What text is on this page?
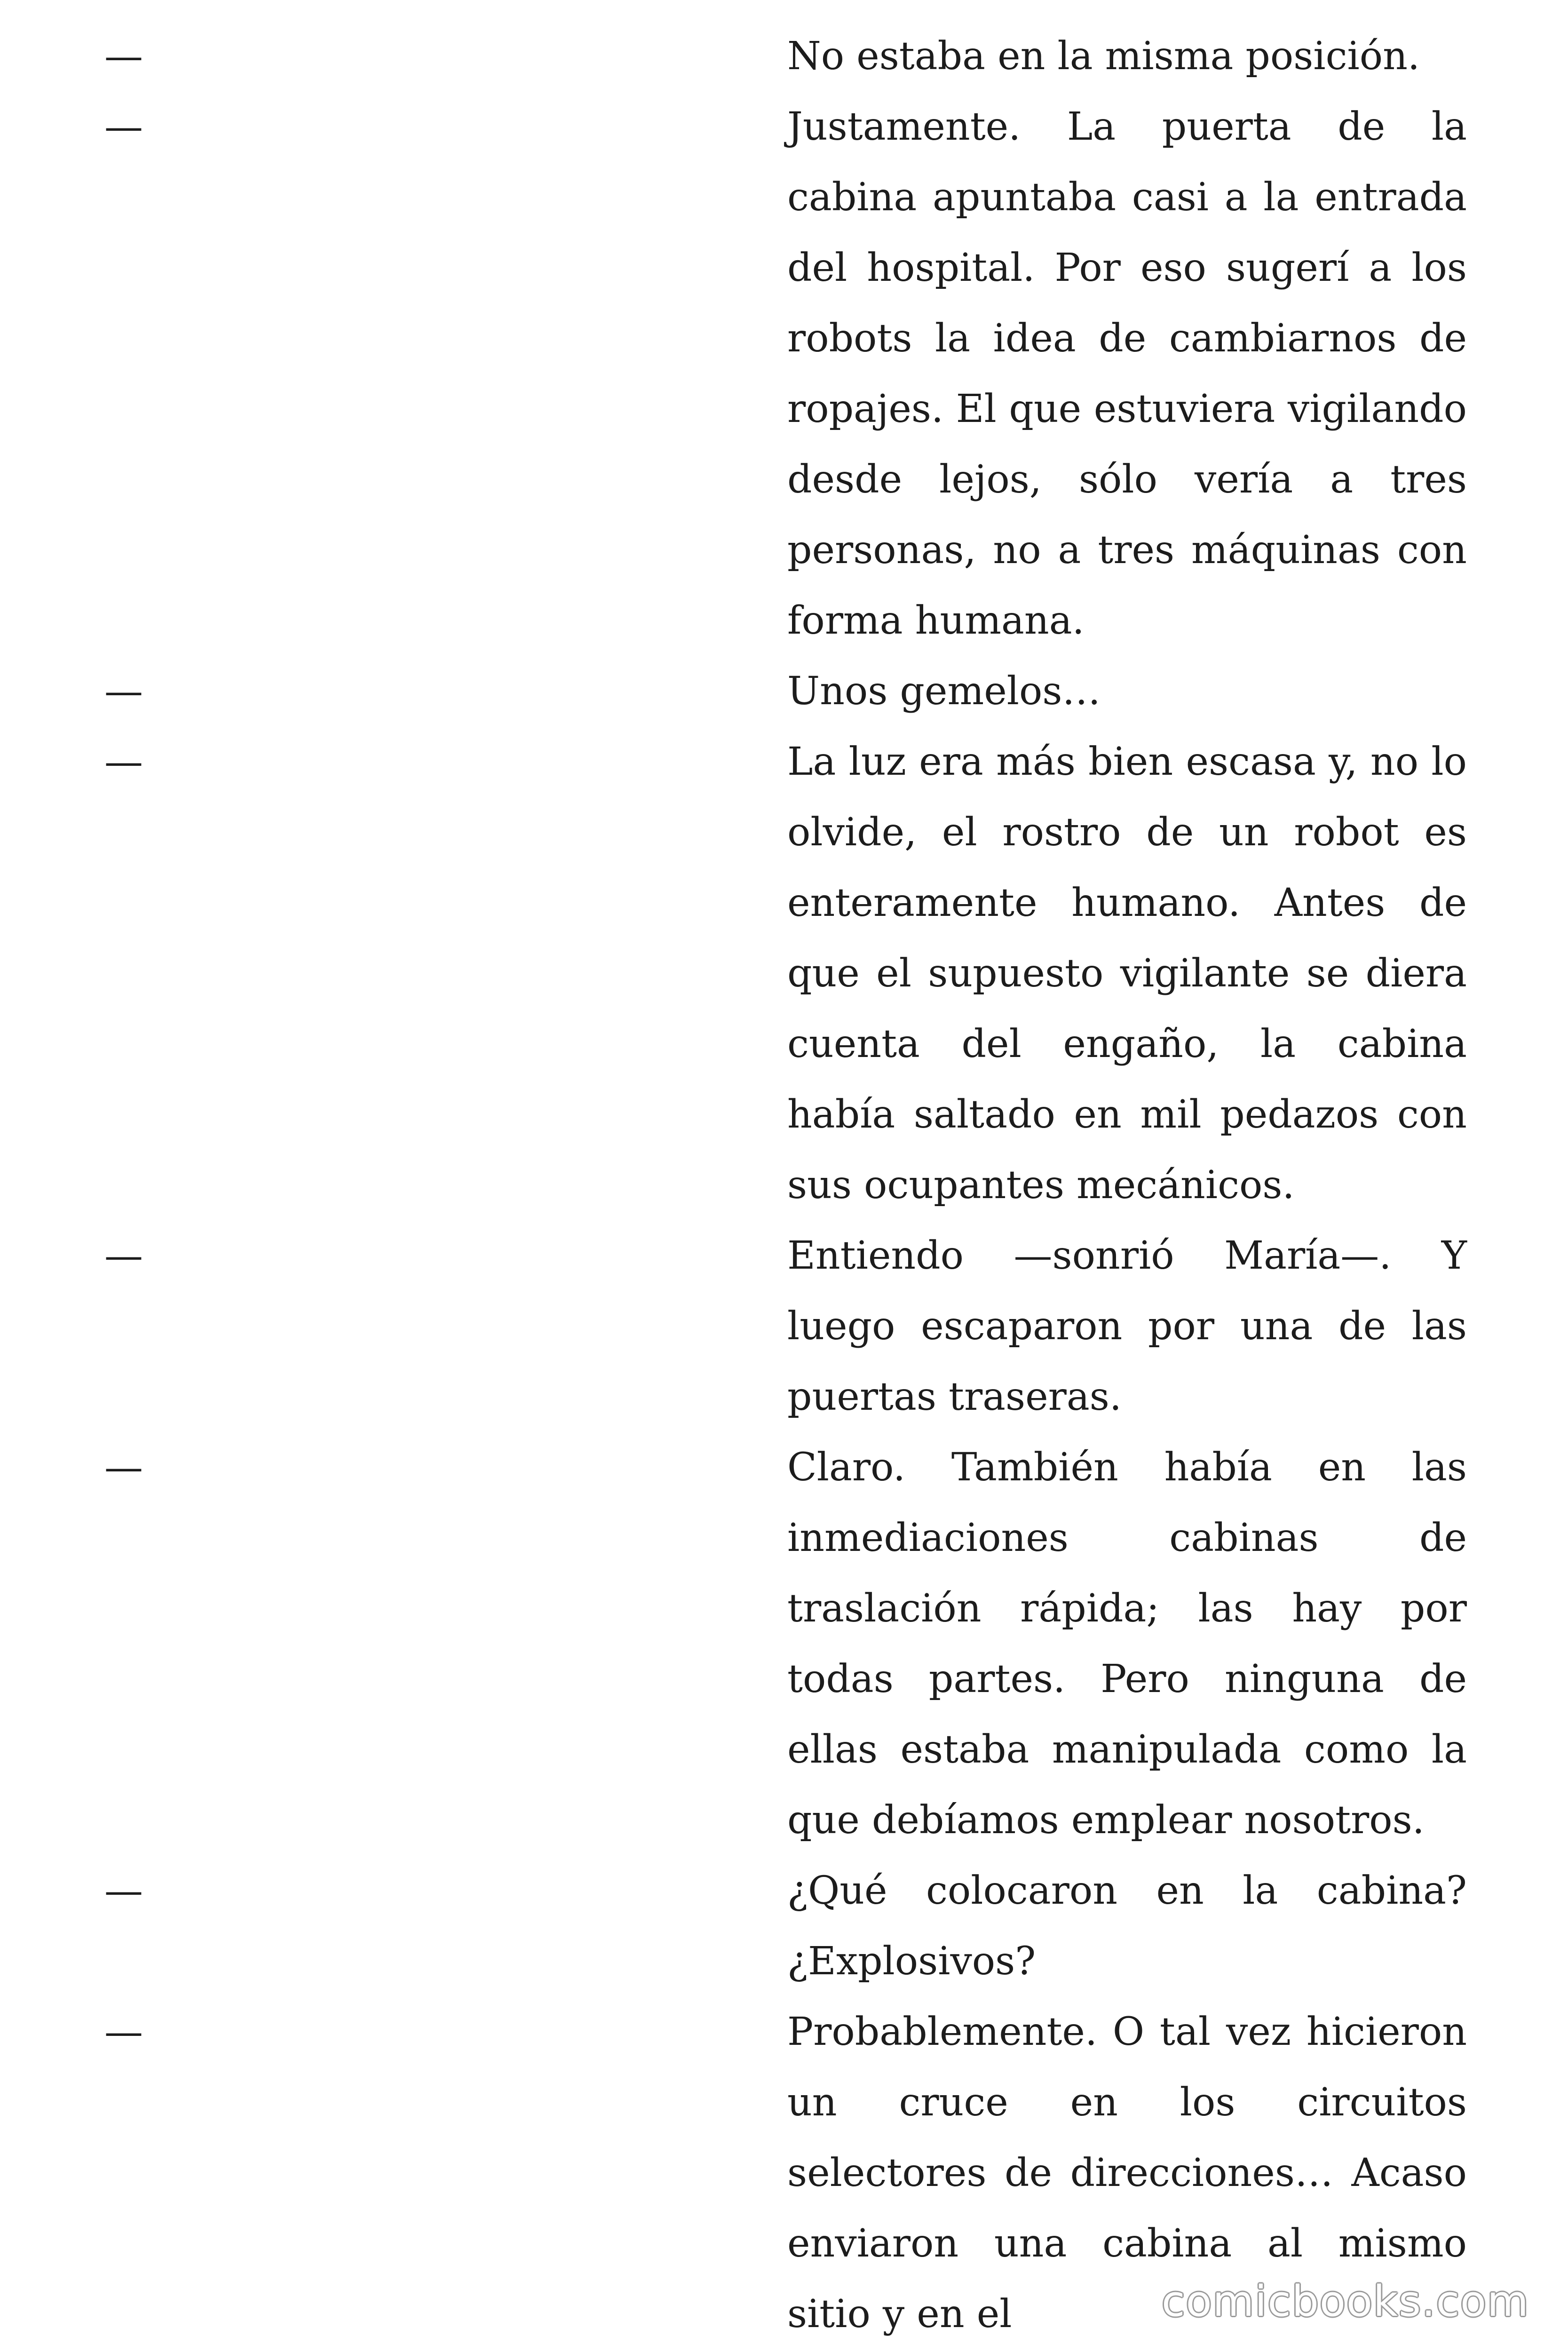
—	No estaba en la misma posición.
—	Justamente. La puerta de la cabina apuntaba casi a la entrada del hospital. Por eso sugerí a los robots la idea de cambiarnos de ropajes. El que estuviera vigilando desde lejos, sólo vería a tres personas, no a tres máquinas con forma humana.
—	Unos gemelos…
—	La luz era más bien escasa y, no lo olvide, el rostro de un robot es enteramente humano. Antes de que el supuesto vigilante se diera cuenta del engaño, la cabina había saltado en mil pedazos con sus ocupantes mecánicos.
—	Entiendo —sonrió María—. Y luego escaparon por una de las puertas traseras.
—	Claro. También había en las inmediaciones cabinas de traslación rápida; las hay por todas partes. Pero ninguna de ellas estaba manipulada como la que debíamos emplear nosotros.
—	¿Qué colocaron en la cabina? ¿Explosivos?
—	Probablemente. O tal vez hicieron un cruce en los circuitos selectores de direcciones… Acaso enviaron una cabina al mismo sitio y en el	comicbooks.com
